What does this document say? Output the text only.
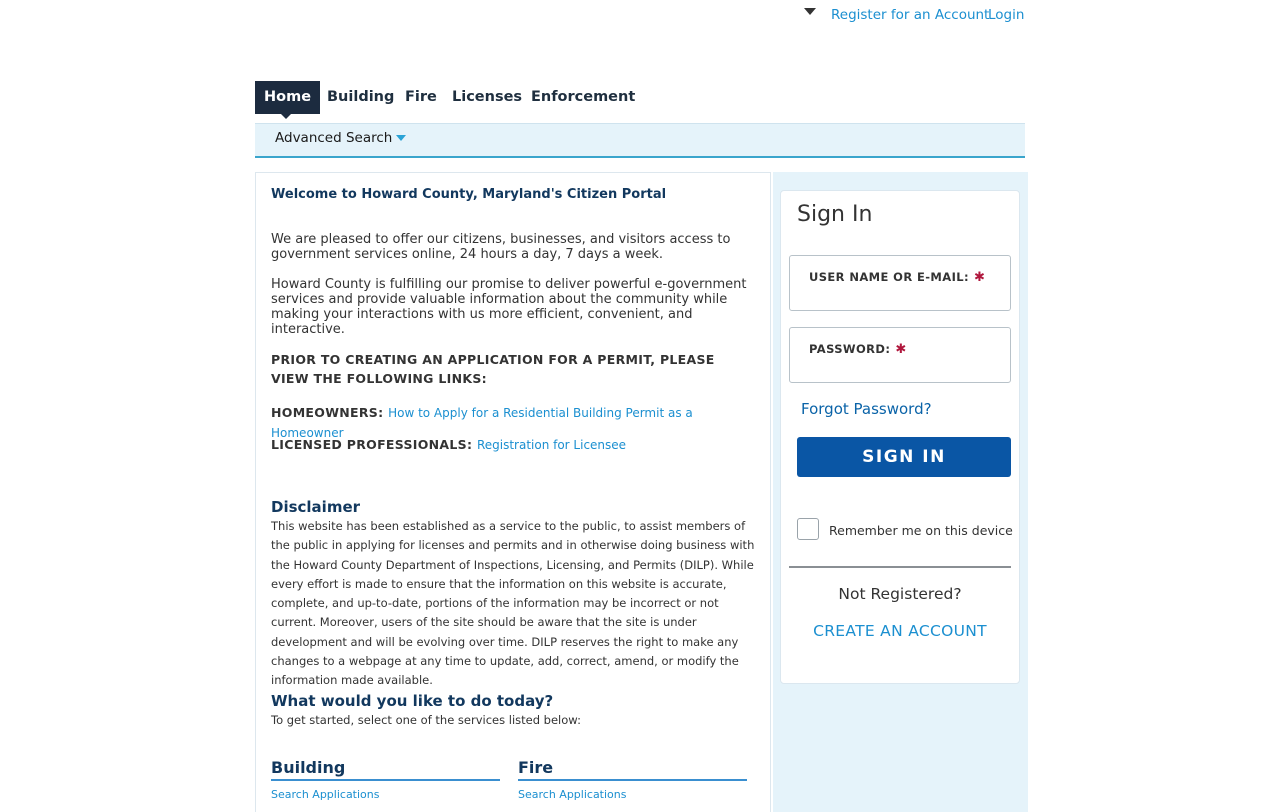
Register for an Account
Login
Home	Building Fire	Licenses Enforcement
Advanced Search
Welcome to Howard County, Maryland's Citizen Portal
We are pleased to offer our citizens, businesses, and visitors access to government services online, 24 hours a day, 7 days a week.
Howard County is fulfilling our promise to deliver powerful e-government services and provide valuable information about the community while making your interactions with us more efficient, convenient, and interactive.
PRIOR TO CREATING AN APPLICATION FOR A PERMIT, PLEASE VIEW THE FOLLOWING LINKS:
HOMEOWNERS: How to Apply for a Residential Building Permit as a Homeowner
LICENSED PROFESSIONALS: Registration for Licensee
Disclaimer
This website has been established as a service to the public, to assist members of the public in applying for licenses and permits and in otherwise doing business with the Howard County Department of Inspections, Licensing, and Permits (DILP). While every effort is made to ensure that the information on this website is accurate, complete, and up-to-date, portions of the information may be incorrect or not current. Moreover, users of the site should be aware that the site is under development and will be evolving over time. DILP reserves the right to make any changes to a webpage at any time to update, add, correct, amend, or modify the information made available.
What would you like to do today?
To get started, select one of the services listed below:
Building
Search Applications
Fire
Search Applications
Sign In
USER NAME OR E-MAIL: ✱
PASSWORD: ✱
Forgot Password?
SIGN IN
Remember me on this device
Not Registered?
CREATE AN ACCOUNT
